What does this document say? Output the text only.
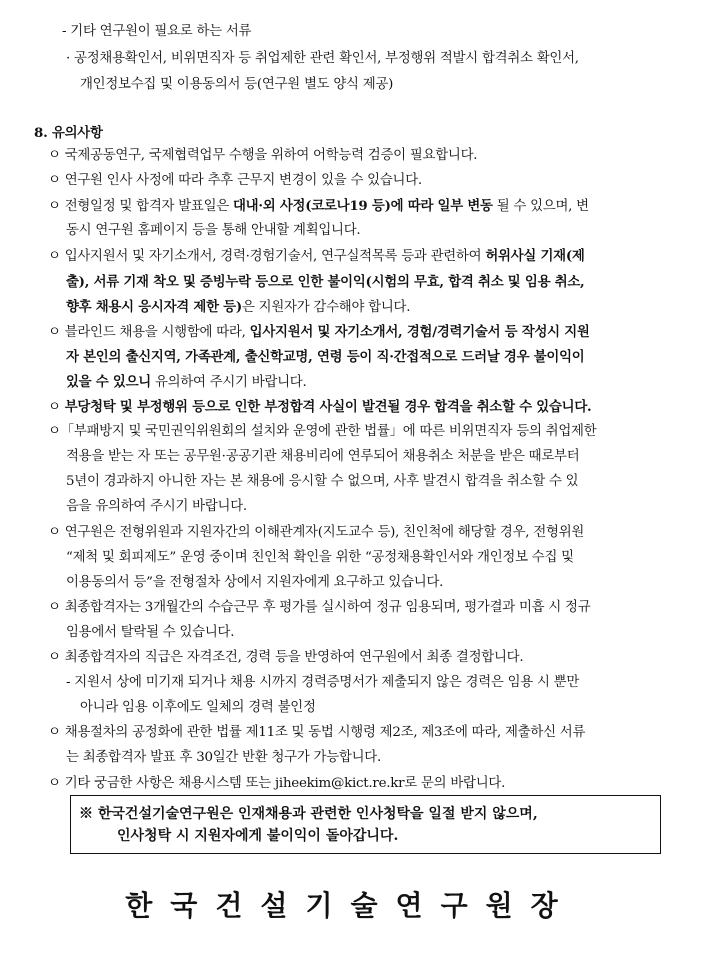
- 기타 연구원이 필요로 하는 서류
· 공정채용확인서, 비위면직자 등 취업제한 관련 확인서, 부정행위 적발시 합격취소 확인서,
개인정보수집 및 이용동의서 등(연구원 별도 양식 제공)
8. 유의사항
ㅇ 국제공동연구, 국제협력업무 수행을 위하여 어학능력 검증이 필요합니다.
ㅇ 연구원 인사 사정에 따라 추후 근무지 변경이 있을 수 있습니다.
ㅇ 전형일정 및 합격자 발표일은 대내·외 사정(코로나19 등)에 따라 일부 변동 될 수 있으며, 변
동시 연구원 홈페이지 등을 통해 안내할 계획입니다.
ㅇ 입사지원서 및 자기소개서, 경력·경험기술서, 연구실적목록 등과 관련하여 허위사실 기재(제
출), 서류 기재 착오 및 증빙누락 등으로 인한 불이익(시험의 무효, 합격 취소 및 임용 취소,
향후 채용시 응시자격 제한 등)은 지원자가 감수해야 합니다.
ㅇ 블라인드 채용을 시행함에 따라, 입사지원서 및 자기소개서, 경험/경력기술서 등 작성시 지원
자 본인의 출신지역, 가족관계, 출신학교명, 연령 등이 직·간접적으로 드러날 경우 불이익이
있을 수 있으니 유의하여 주시기 바랍니다.
ㅇ 부당청탁 및 부정행위 등으로 인한 부정합격 사실이 발견될 경우 합격을 취소할 수 있습니다.
ㅇ「부패방지 및 국민권익위원회의 설치와 운영에 관한 법률」에 따른 비위면직자 등의 취업제한
적용을 받는 자 또는 공무원·공공기관 채용비리에 연루되어 채용취소 처분을 받은 때로부터
5년이 경과하지 아니한 자는 본 채용에 응시할 수 없으며, 사후 발견시 합격을 취소할 수 있
음을 유의하여 주시기 바랍니다.
ㅇ 연구원은 전형위원과 지원자간의 이해관계자(지도교수 등), 친인척에 해당할 경우, 전형위원
“제척 및 회피제도” 운영 중이며 친인척 확인을 위한 “공정채용확인서와 개인정보 수집 및
이용동의서 등”을 전형절차 상에서 지원자에게 요구하고 있습니다.
ㅇ 최종합격자는 3개월간의 수습근무 후 평가를 실시하여 정규 임용되며, 평가결과 미흡 시 정규
임용에서 탈락될 수 있습니다.
ㅇ 최종합격자의 직급은 자격조건, 경력 등을 반영하여 연구원에서 최종 결정합니다.
- 지원서 상에 미기재 되거나 채용 시까지 경력증명서가 제출되지 않은 경력은 임용 시 뿐만
아니라 임용 이후에도 일체의 경력 불인정
ㅇ 채용절차의 공정화에 관한 법률 제11조 및 동법 시행령 제2조, 제3조에 따라, 제출하신 서류
는 최종합격자 발표 후 30일간 반환 청구가 가능합니다.
ㅇ 기타 궁금한 사항은 채용시스템 또는 jiheekim@kict.re.kr로 문의 바랍니다.
※ 한국건설기술연구원은 인재채용과 관련한 인사청탁을 일절 받지 않으며,
인사청탁 시 지원자에게 불이익이 돌아갑니다.
한국건설기술연구원장
